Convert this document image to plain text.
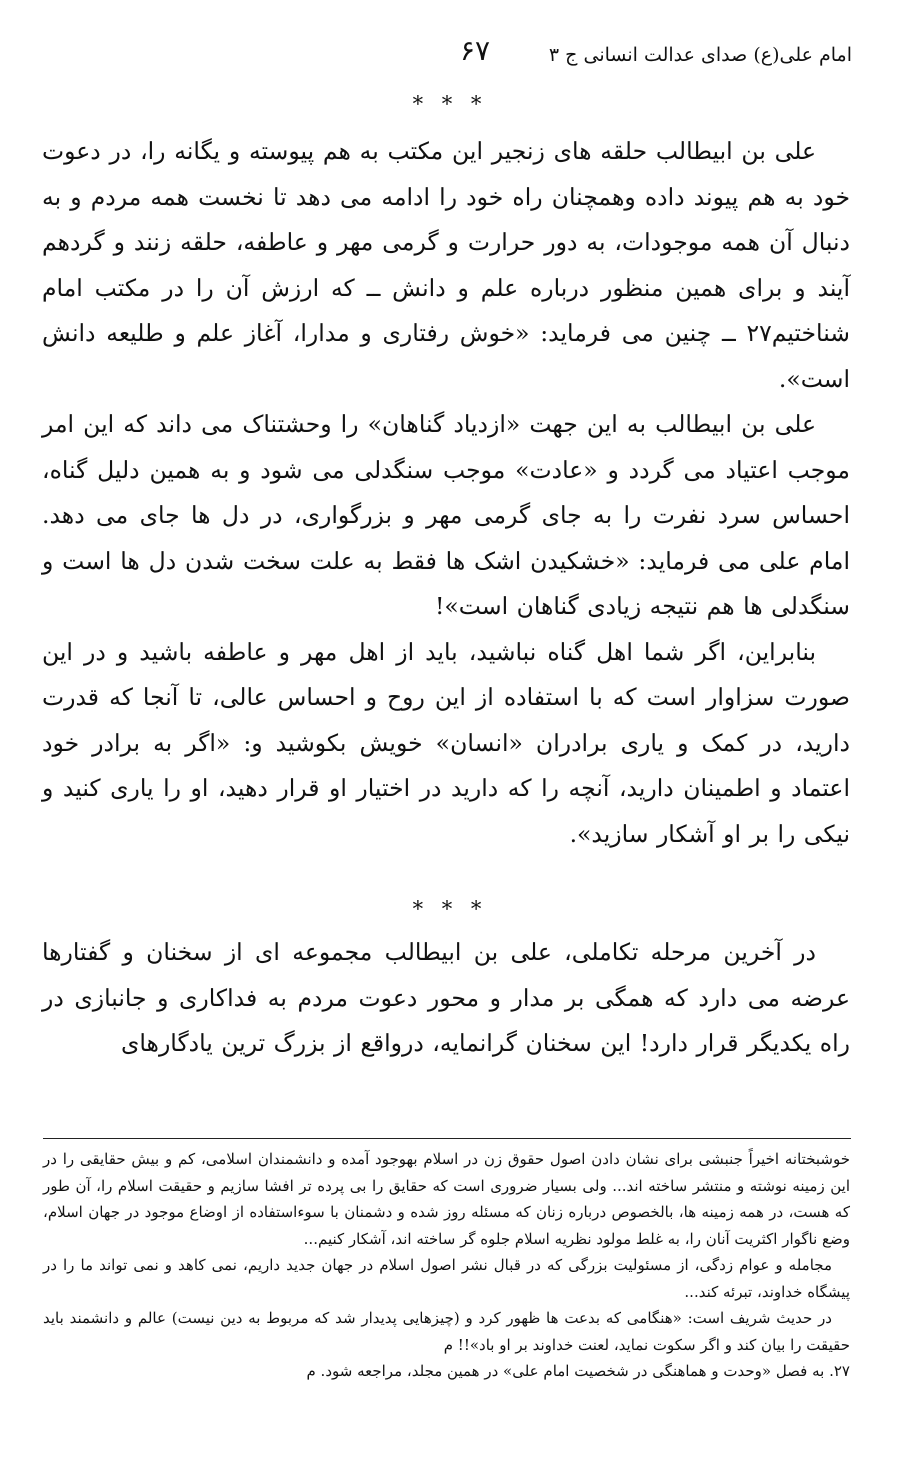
امام علی(ع) صدای عدالت انسانی ج ۳
۶۷
* * *

علی بن ابیطالب حلقه های زنجیر این مکتب به هم پیوسته و یگانه را، در دعوت خود به هم پیوند داده وهمچنان راه خود را ادامه می دهد تا نخست همه مردم و به دنبال آن همه موجودات، به دور حرارت و گرمی مهر و عاطفه، حلقه زنند و گردهم آیند و برای همین منظور درباره علم و دانش ــ که ارزش آن را در مکتب امام شناختیم۲۷ ــ چنین می فرماید: «خوش رفتاری و مدارا، آغاز علم و طلیعه دانش است».

علی بن ابیطالب به این جهت «ازدیاد گناهان» را وحشتناک می داند که این امر موجب اعتیاد می گردد و «عادت» موجب سنگدلی می شود و به همین دلیل گناه، احساس سرد نفرت را به جای گرمی مهر و بزرگواری، در دل ها جای می دهد. امام علی می فرماید: «خشکیدن اشک ها فقط به علت سخت شدن دل ها است و سنگدلی ها هم نتیجه زیادی گناهان است»!

بنابراین، اگر شما اهل گناه نباشید، باید از اهل مهر و عاطفه باشید و در این صورت سزاوار است که با استفاده از این روح و احساس عالی، تا آنجا که قدرت دارید، در کمک و یاری برادران «انسان» خویش بکوشید و: «اگر به برادر خود اعتماد و اطمینان دارید، آنچه را که دارید در اختیار او قرار دهید، او را یاری کنید و نیکی را بر او آشکار سازید».

* * *

در آخرین مرحله تکاملی، علی بن ابیطالب مجموعه ای از سخنان و گفتارها عرضه می دارد که همگی بر مدار و محور دعوت مردم به فداکاری و جانبازی در راه یکدیگر قرار دارد! این سخنان گرانمایه، درواقع از بزرگ ترین یادگارهای

خوشبختانه اخیراً جنبشی برای نشان دادن اصول حقوق زن در اسلام بهوجود آمده و دانشمندان اسلامی، کم و بیش حقایقی را در این زمینه نوشته و منتشر ساخته اند... ولی بسیار ضروری است که حقایق را بی پرده تر افشا سازیم و حقیقت اسلام را، آن طور که هست، در همه زمینه ها، بالخصوص درباره زنان که مسئله روز شده و دشمنان با سوءاستفاده از اوضاع موجود در جهان اسلام، وضع ناگوار اکثریت آنان را، به غلط مولود نظریه اسلام جلوه گر ساخته اند، آشکار کنیم...

مجامله و عوام زدگی، از مسئولیت بزرگی که در قبال نشر اصول اسلام در جهان جدید داریم، نمی کاهد و نمی تواند ما را در پیشگاه خداوند، تبرئه کند...

در حدیث شریف است: «هنگامی که بدعت ها ظهور کرد و (چیزهایی پدیدار شد که مربوط به دین نیست) عالم و دانشمند باید حقیقت را بیان کند و اگر سکوت نماید، لعنت خداوند بر او باد»!! م

۲۷. به فصل «وحدت و هماهنگی در شخصیت امام علی» در همین مجلد، مراجعه شود. م
